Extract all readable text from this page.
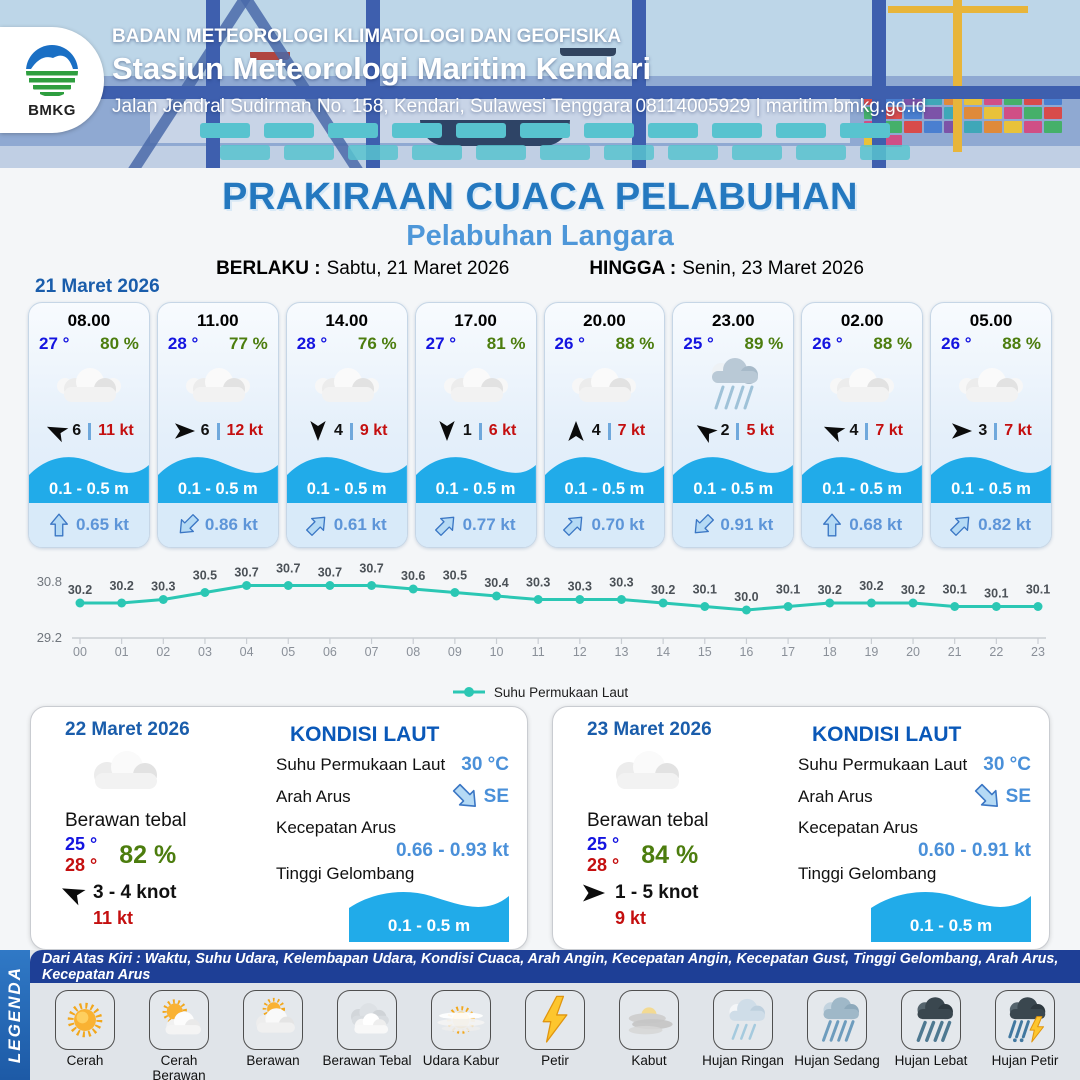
BMKG
BADAN METEOROLOGI KLIMATOLOGI DAN GEOFISIKA
Stasiun Meteorologi Maritim Kendari
Jalan Jendral Sudirman No. 158, Kendari, Sulawesi Tenggara 08114005929 | maritim.bmkg.go.id
PRAKIRAAN CUACA PELABUHAN
Pelabuhan Langara
BERLAKU : Sabtu, 21 Maret 2026	HINGGA : Senin, 23 Maret 2026
21 Maret 2026
08.00
27 ° 80 %
6 11 kt
0.1 - 0.5 m
0.65 kt
11.00
28 ° 77 %
6 12 kt
0.1 - 0.5 m
0.86 kt
14.00
28 ° 76 %
4 9 kt
0.1 - 0.5 m
0.61 kt
17.00
27 ° 81 %
1 6 kt
0.1 - 0.5 m
0.77 kt
20.00
26 ° 88 %
4 7 kt
0.1 - 0.5 m
0.70 kt
23.00
25 ° 89 %
2 5 kt
0.1 - 0.5 m
0.91 kt
02.00
26 ° 88 %
4 7 kt
0.1 - 0.5 m
0.68 kt
05.00
26 ° 88 %
3 7 kt
0.1 - 0.5 m
0.82 kt
30.8
29.2
00 01 02 03 04 05 06 07 08 09 10 11 12 13 14 15 16 17 18 19 20 21 22 23
30.2 30.2 30.3
30.5 30.7 30.7 30.7 30.7
30.6 30.5
30.4 30.3 30.3 30.3
30.2 30.1
30.0
30.1 30.2 30.2 30.2 30.1 30.1 30.1
Suhu Permukaan Laut
22 Maret 2026
Berawan tebal
25 °
28 ° 82 %
3 - 4 knot
11 kt
KONDISI LAUT
Suhu Permukaan Laut 30 °C
Arah Arus	SE
Kecepatan Arus
0.66 - 0.93 kt
Tinggi Gelombang
0.1 - 0.5 m
23 Maret 2026
Berawan tebal
25 °
28 ° 84 %
1 - 5 knot
9 kt
KONDISI LAUT
Suhu Permukaan Laut 30 °C
Arah Arus	SE
Kecepatan Arus
0.60 - 0.91 kt
Tinggi Gelombang
0.1 - 0.5 m
LEGENDA
Dari Atas Kiri : Waktu, Suhu Udara, Kelembapan Udara, Kondisi Cuaca, Arah Angin, Kecepatan Angin, Kecepatan Gust, Tinggi Gelombang, Arah Arus, Kecepatan Arus
Cerah	Cerah Berawan
Berawan	Berawan Tebal Udara Kabur	Petir	Kabut	Hujan Ringan Hujan Sedang	Hujan Lebat	Hujan Petir
